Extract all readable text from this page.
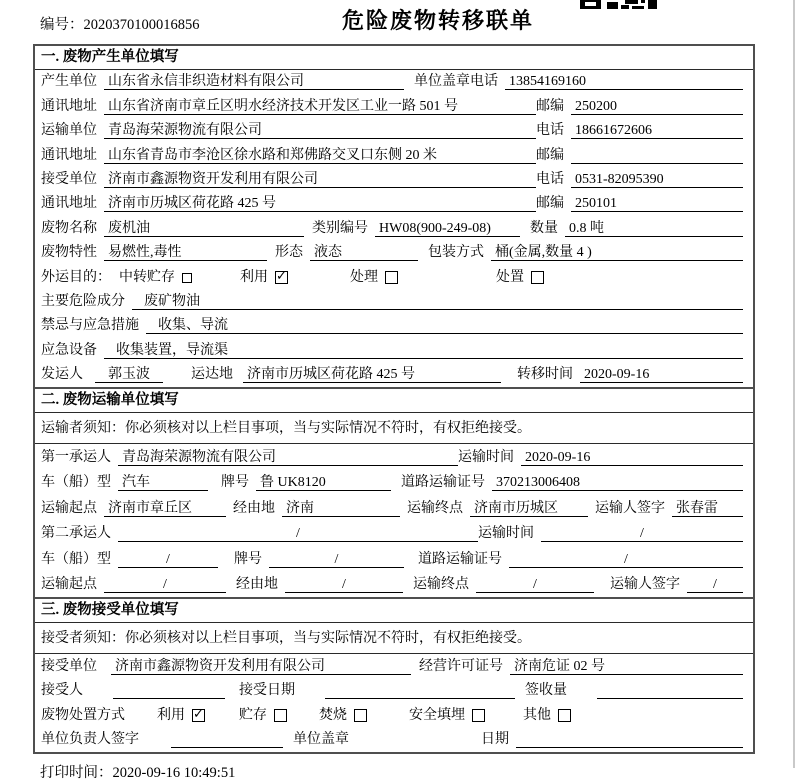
编号：2020370100016856	危险废物转移联单
一. 废物产生单位填写
产生单位 山东省永信非织造材料有限公司	单位盖章 电话 13854169160
通讯地址 山东省济南市章丘区明水经济技术开发区工业一路 501 号	邮编 250200
运输单位 青岛海荣源物流有限公司	电话 18661672606
通讯地址 山东省青岛市李沧区徐水路和郑佛路交叉口东侧 20 米	邮编
接受单位 济南市鑫源物资开发利用有限公司	电话 0531-82095390
通讯地址 济南市历城区荷花路 425 号	邮编 250101
废物名称 废机油	类别编号 HW08(900-249-08)	数量 0.8 吨
废物特性 易燃性,毒性	形态 液态	包装方式 桶(金属,数量 4 )
外运目的： 中转贮存	利用 ✓	处理	处置
主要危险成分	废矿物油
禁忌与应急措施	收集、导流
应急设备	收集装置，导流渠
发运人	郭玉波	运达地 济南市历城区荷花路 425 号	转移时间 2020-09-16
二. 废物运输单位填写
运输者须知：你必须核对以上栏目事项，当与实际情况不符时，有权拒绝接受。
第一承运人 青岛海荣源物流有限公司	运输时间 2020-09-16
车（船）型 汽车	牌号 鲁 UK8120	道路运输证号 370213006408
运输起点 济南市章丘区	经由地 济南	运输终点 济南市历城区	运输人签字 张春雷
第二承运人	/	运输时间	/
车（船）型	/	牌号	/	道路运输证号	/
运输起点	/	经由地	/	运输终点	/	运输人签字	/
三. 废物接受单位填写
接受者须知：你必须核对以上栏目事项，当与实际情况不符时，有权拒绝接受。
接受单位 济南市鑫源物资开发利用有限公司	经营许可证号 济南危证 02 号
接受人	接受日期	签收量
废物处置方式 利用 ✓	贮存	焚烧	安全填埋	其他
单位负责人签字	单位盖章	日期
打印时间：2020-09-16 10:49:51
